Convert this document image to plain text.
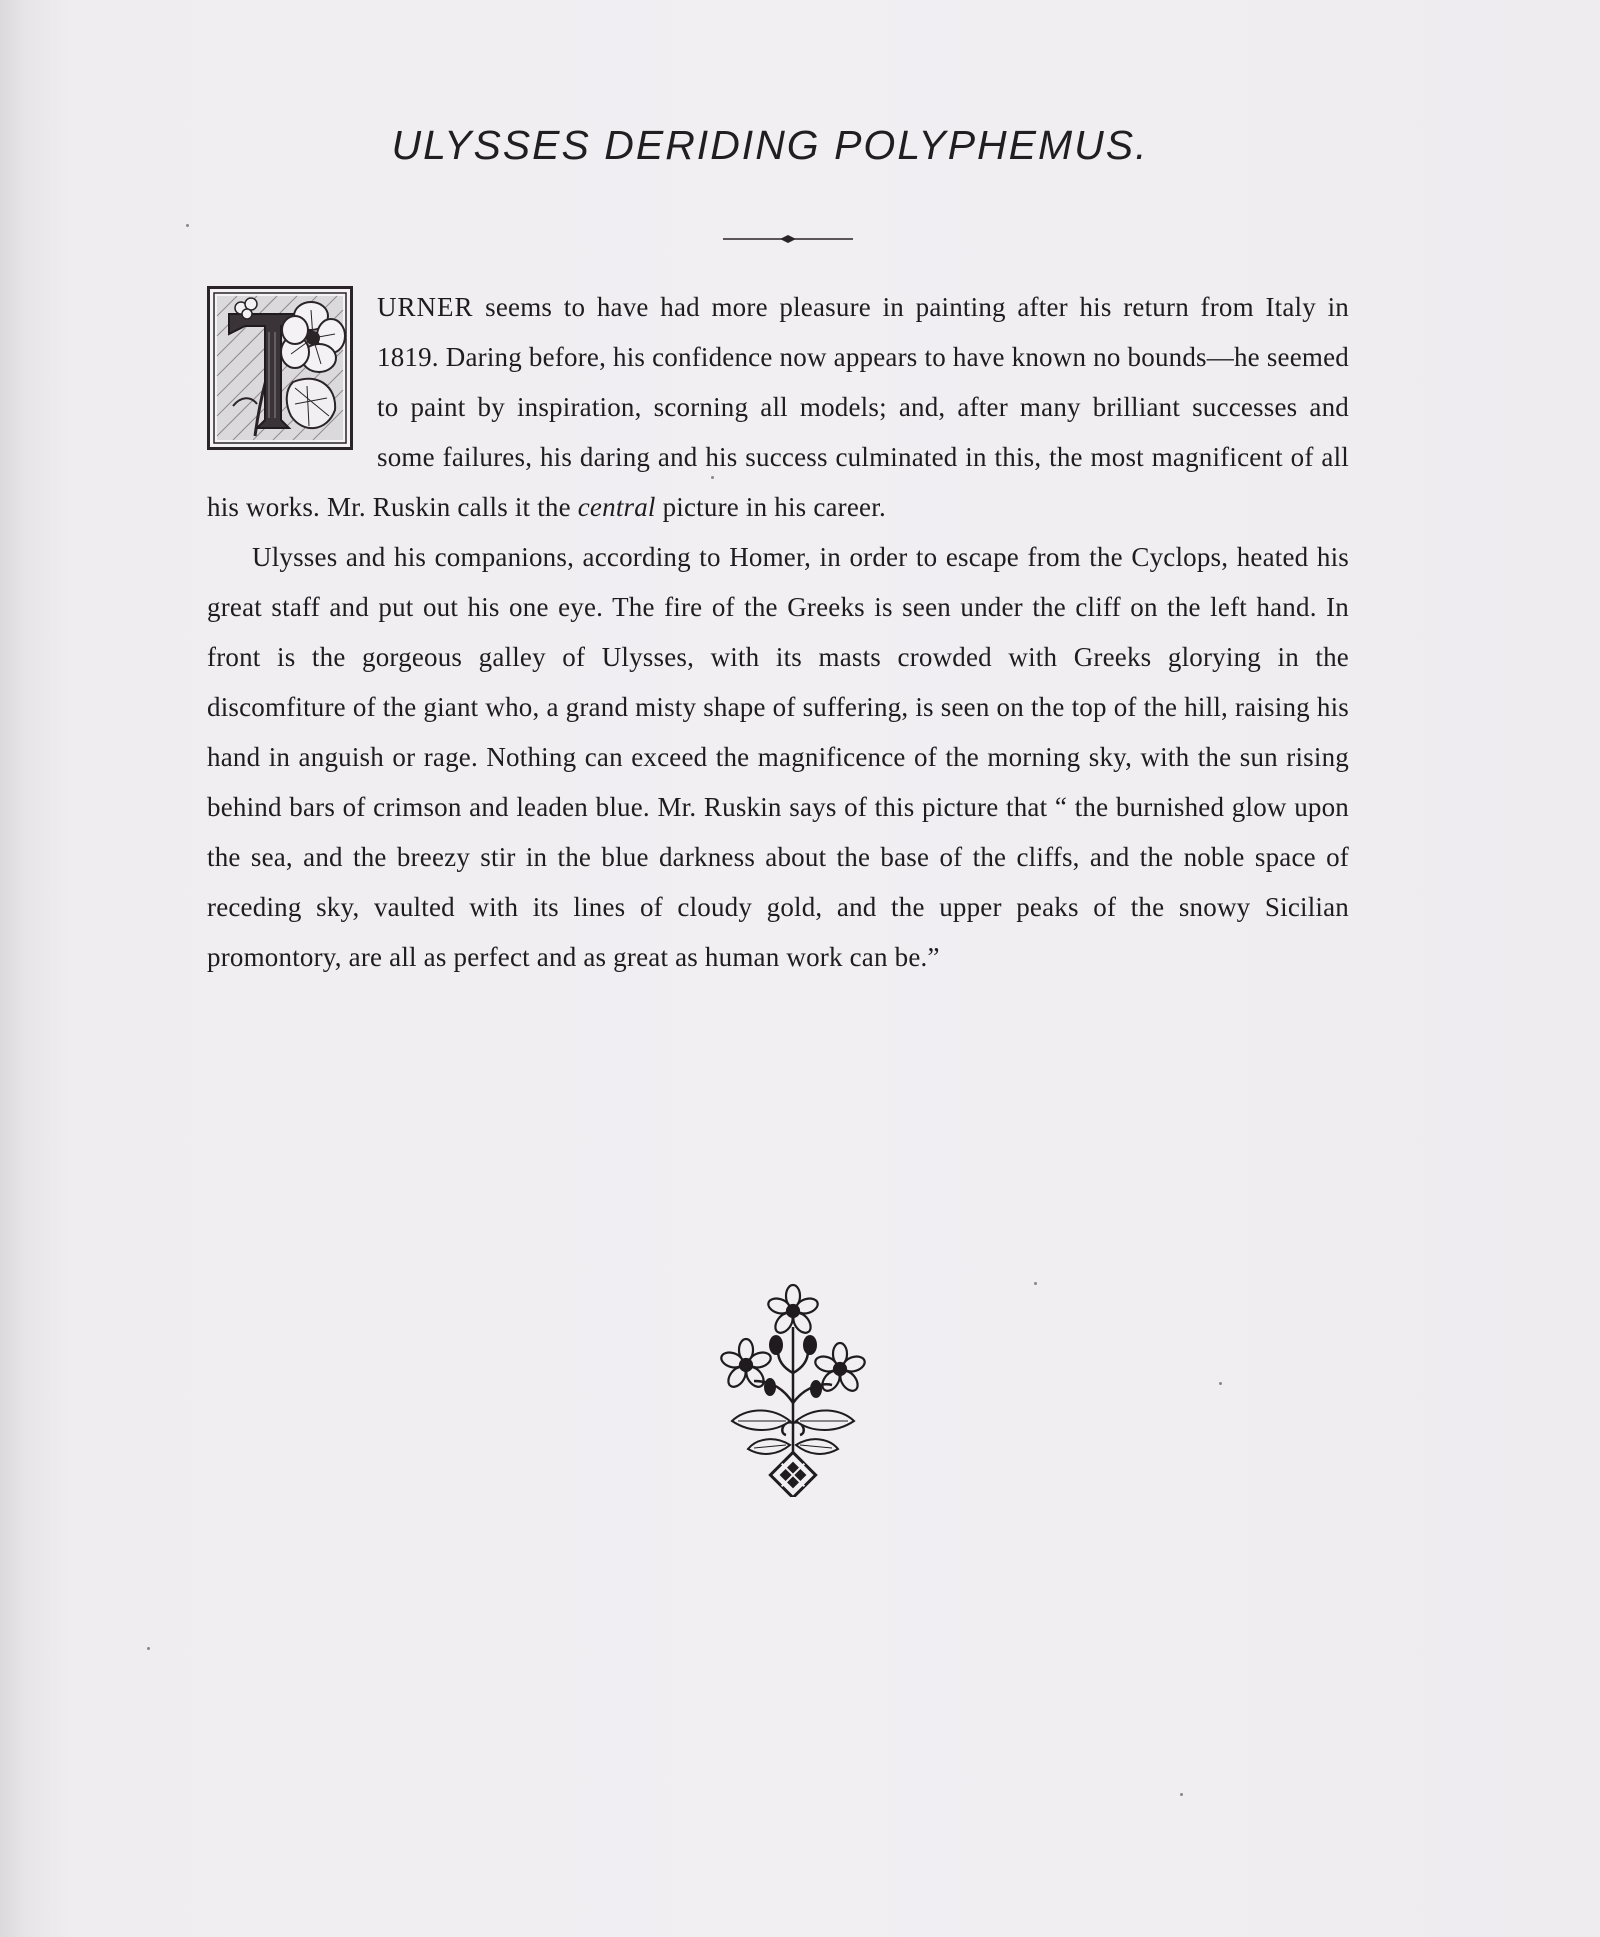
ULYSSES DERIDING POLYPHEMUS.

URNER seems to have had more pleasure in painting after his return from Italy in 1819. Daring before, his confidence now appears to have known no bounds—he seemed to paint by inspiration, scorning all models; and, after many brilliant successes and some failures, his daring and his success culminated in this, the most magnificent of all his works. Mr. Ruskin calls it the central picture in his career.

Ulysses and his companions, according to Homer, in order to escape from the Cyclops, heated his great staff and put out his one eye. The fire of the Greeks is seen under the cliff on the left hand. In front is the gorgeous galley of Ulysses, with its masts crowded with Greeks glorying in the discomfiture of the giant who, a grand misty shape of suffering, is seen on the top of the hill, raising his hand in anguish or rage. Nothing can exceed the magnificence of the morning sky, with the sun rising behind bars of crimson and leaden blue. Mr. Ruskin says of this picture that “ the burnished glow upon the sea, and the breezy stir in the blue darkness about the base of the cliffs, and the noble space of receding sky, vaulted with its lines of cloudy gold, and the upper peaks of the snowy Sicilian promontory, are all as perfect and as great as human work can be.”
